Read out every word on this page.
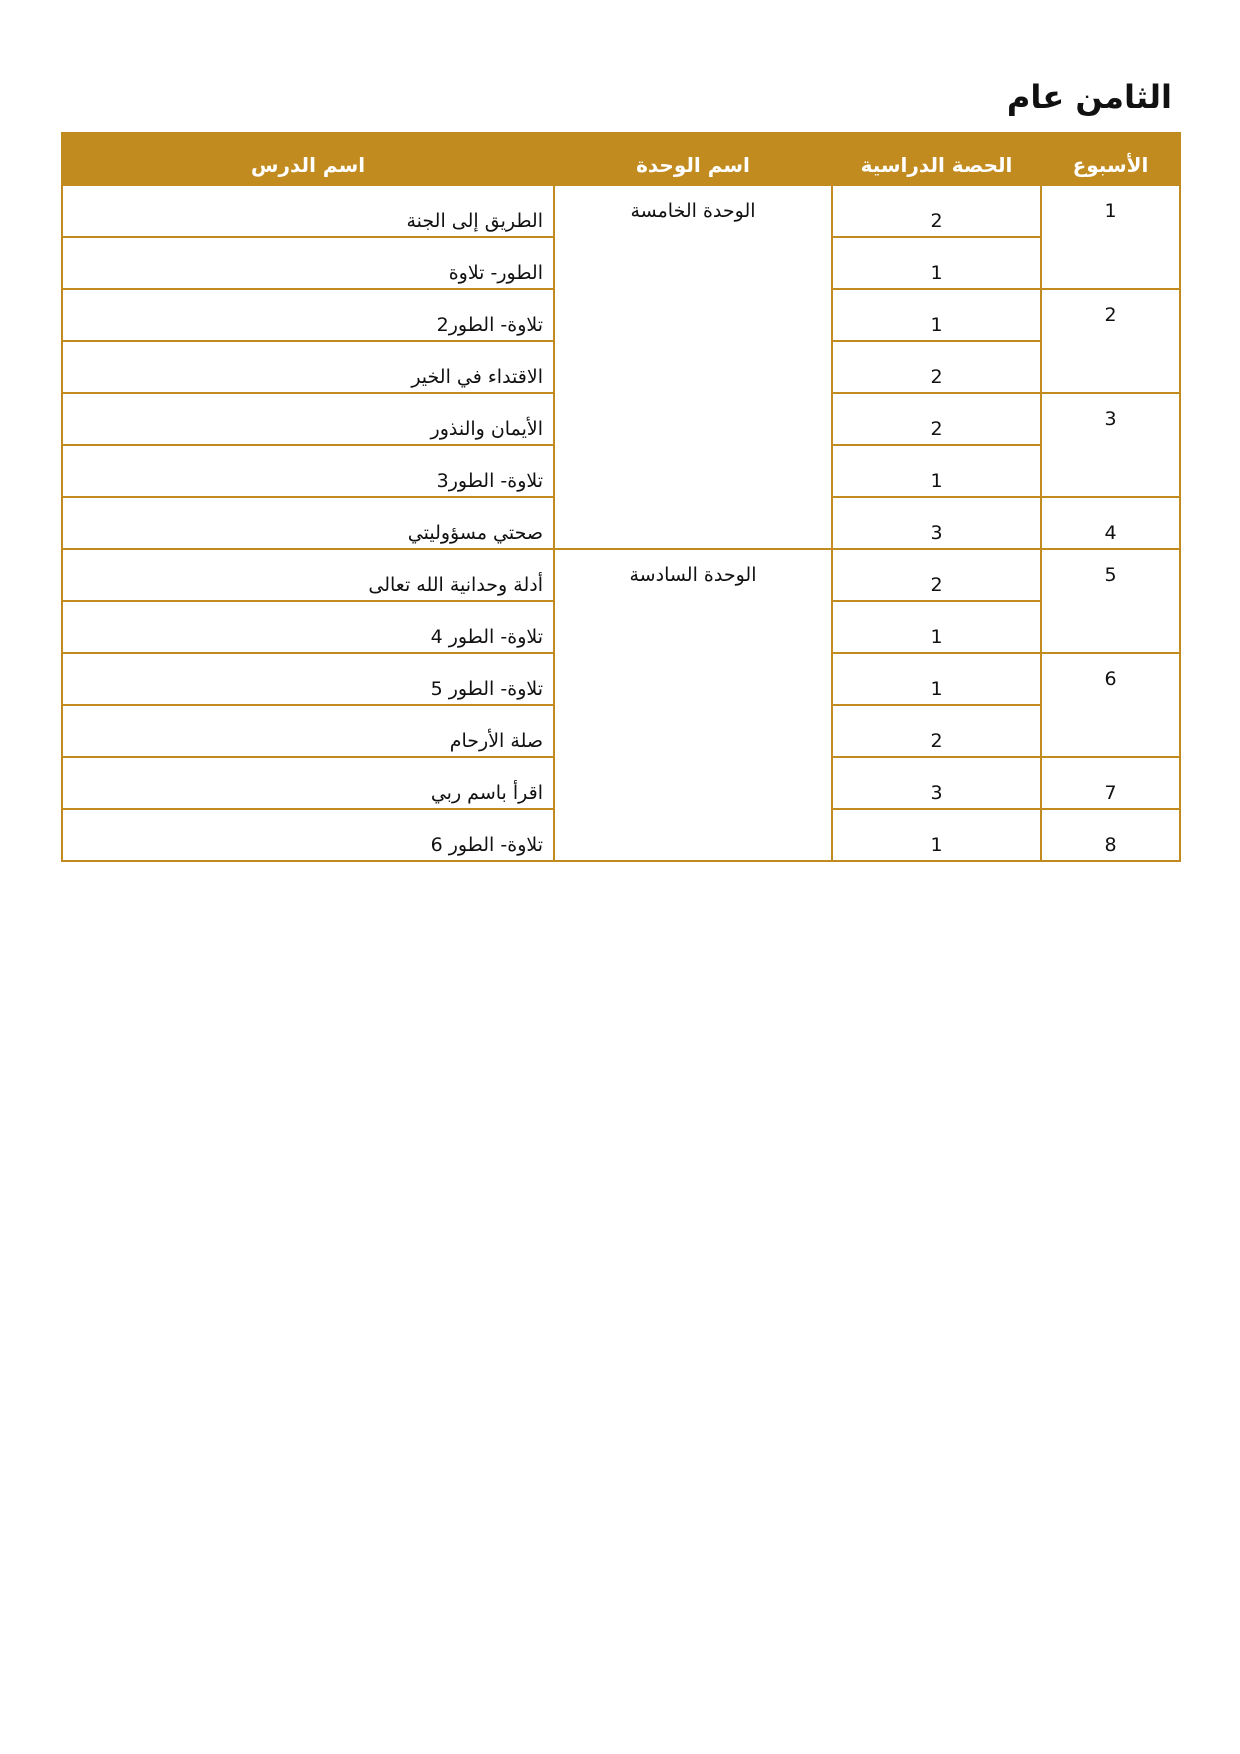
الثامن عام
الأسبوع	الحصة الدراسية	اسم الوحدة	اسم الدرس

1	2	الوحدة الخامسة	الطريق إلى الجنة
	1		الطور- تلاوة
2	1		تلاوة- الطور2
	2		الاقتداء في الخير
3	2		الأيمان والنذور
	1		تلاوة- الطور3
4	3		صحتي مسؤوليتي
5	2	الوحدة السادسة	أدلة وحدانية الله تعالى
	1		تلاوة- الطور 4
6	1		تلاوة- الطور 5
	2		صلة الأرحام
7	3		اقرأ باسم ربي
8	1		تلاوة- الطور 6
